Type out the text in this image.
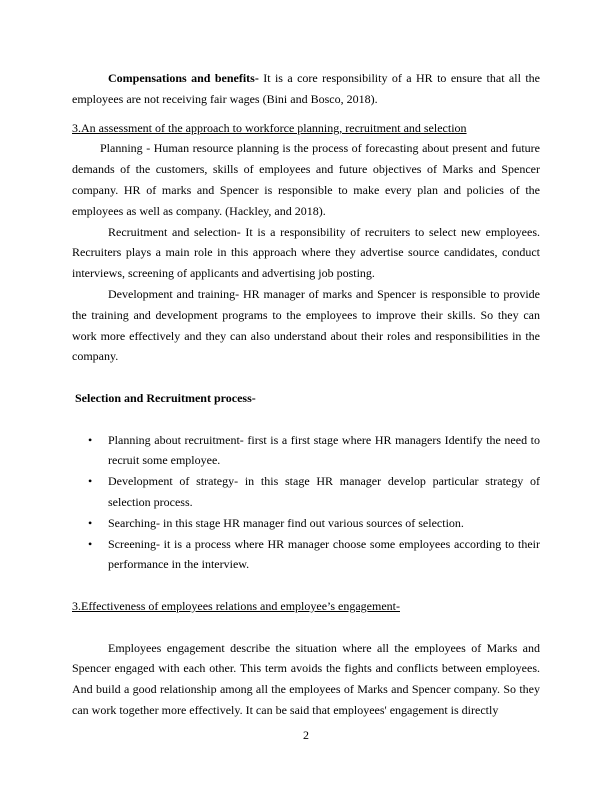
Compensations and benefits- It is a core responsibility of a HR to ensure that all the employees are not receiving fair wages (Bini and Bosco, 2018).

3.An assessment of the approach to workforce planning, recruitment and selection

Planning - Human resource planning is the process of forecasting about present and future demands of the customers, skills of employees and future objectives of Marks and Spencer company. HR of marks and Spencer is responsible to make every plan and policies of the employees as well as company. (Hackley, and 2018).

Recruitment and selection- It is a responsibility of recruiters to select new employees. Recruiters plays a main role in this approach where they advertise source candidates, conduct interviews, screening of applicants and advertising job posting.

Development and training- HR manager of marks and Spencer is responsible to provide the training and development programs to the employees to improve their skills. So they can work more effectively and they can also understand about their roles and responsibilities in the company.

Selection and Recruitment process-

• Planning about recruitment- first is a first stage where HR managers Identify the need to recruit some employee.
• Development of strategy- in this stage HR manager develop particular strategy of selection process.
• Searching- in this stage HR manager find out various sources of selection.
• Screening- it is a process where HR manager choose some employees according to their performance in the interview.

3.Effectiveness of employees relations and employee’s engagement-

Employees engagement describe the situation where all the employees of Marks and Spencer engaged with each other. This term avoids the fights and conflicts between employees. And build a good relationship among all the employees of Marks and Spencer company. So they can work together more effectively. It can be said that employees' engagement is directly

2
